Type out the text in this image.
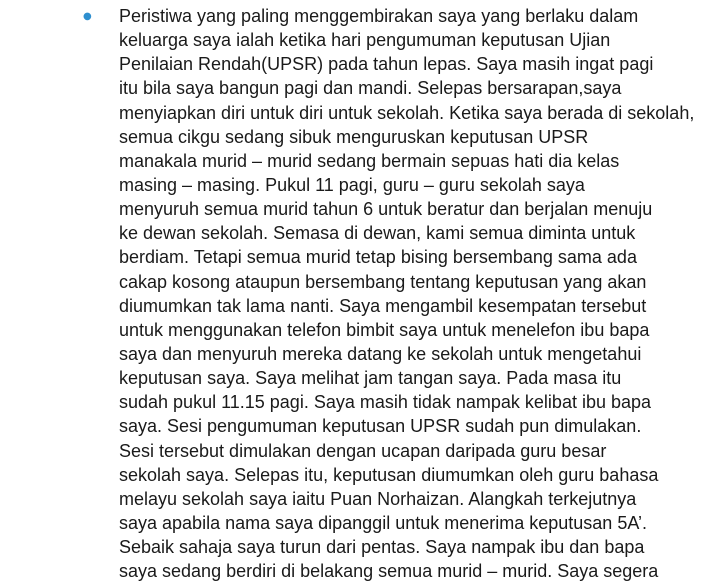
● Peristiwa yang paling menggembirakan saya yang berlaku dalam
keluarga saya ialah ketika hari pengumuman keputusan Ujian
Penilaian Rendah(UPSR) pada tahun lepas. Saya masih ingat pagi
itu bila saya bangun pagi dan mandi. Selepas bersarapan,saya
menyiapkan diri untuk diri untuk sekolah. Ketika saya berada di sekolah,
semua cikgu sedang sibuk menguruskan keputusan UPSR
manakala murid – murid sedang bermain sepuas hati dia kelas
masing – masing. Pukul 11 pagi, guru – guru sekolah saya
menyuruh semua murid tahun 6 untuk beratur dan berjalan menuju
ke dewan sekolah. Semasa di dewan, kami semua diminta untuk
berdiam. Tetapi semua murid tetap bising bersembang sama ada
cakap kosong ataupun bersembang tentang keputusan yang akan
diumumkan tak lama nanti. Saya mengambil kesempatan tersebut
untuk menggunakan telefon bimbit saya untuk menelefon ibu bapa
saya dan menyuruh mereka datang ke sekolah untuk mengetahui
keputusan saya. Saya melihat jam tangan saya. Pada masa itu
sudah pukul 11.15 pagi. Saya masih tidak nampak kelibat ibu bapa
saya. Sesi pengumuman keputusan UPSR sudah pun dimulakan.
Sesi tersebut dimulakan dengan ucapan daripada guru besar
sekolah saya. Selepas itu, keputusan diumumkan oleh guru bahasa
melayu sekolah saya iaitu Puan Norhaizan. Alangkah terkejutnya
saya apabila nama saya dipanggil untuk menerima keputusan 5A’.
Sebaik sahaja saya turun dari pentas. Saya nampak ibu dan bapa
saya sedang berdiri di belakang semua murid – murid. Saya segera
